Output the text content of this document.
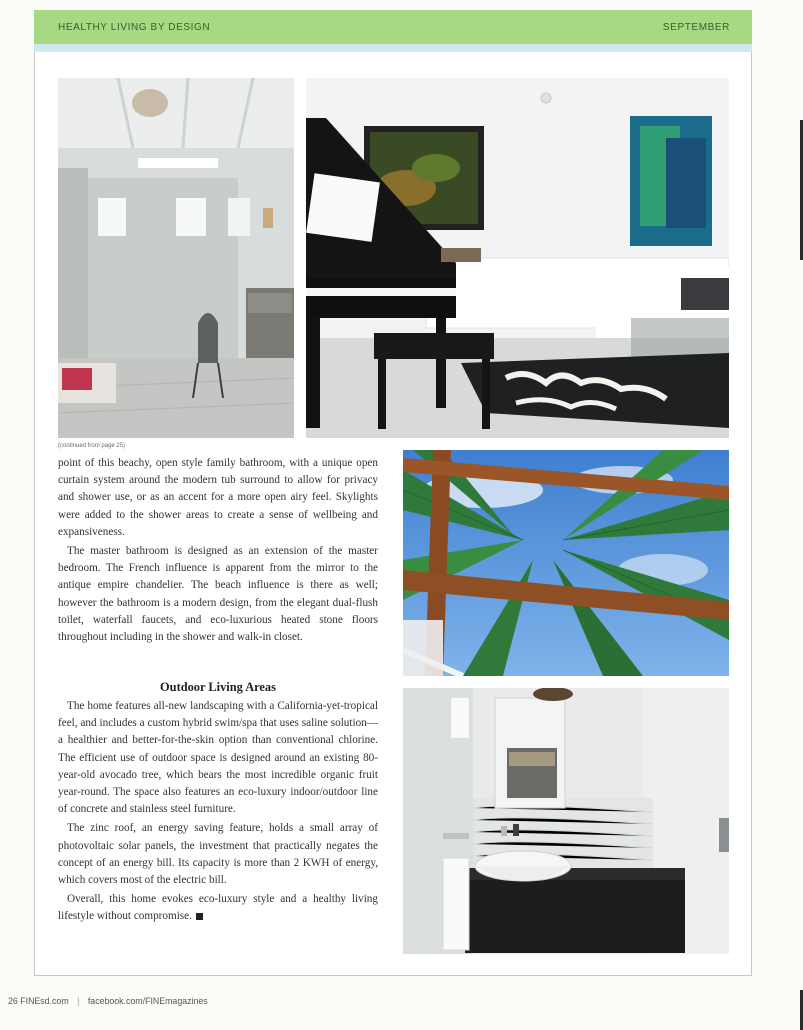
HEALTHY LIVING BY DESIGN	SEPTEMBER
(continued from page 25)

point of this beachy, open style family bathroom, with a unique open curtain system around the modern tub surround to allow for privacy and shower use, or as an accent for a more open airy feel. Skylights were added to the shower areas to create a sense of wellbeing and expansiveness.

The master bathroom is designed as an extension of the master bedroom. The French influence is apparent from the mirror to the antique empire chandelier. The beach influence is there as well; however the bathroom is a modern design, from the elegant dual-flush toilet, waterfall faucets, and eco-luxurious heated stone floors throughout including in the shower and walk-in closet.

Outdoor Living Areas

The home features all-new landscaping with a California-yet-tropical feel, and includes a custom hybrid swim/spa that uses saline solution—a healthier and better-for-the-skin option than conventional chlorine. The efficient use of outdoor space is designed around an existing 80-year-old avocado tree, which bears the most incredible organic fruit year-round. The space also features an eco-luxury indoor/outdoor line of concrete and stainless steel furniture.

The zinc roof, an energy saving feature, holds a small array of photovoltaic solar panels, the investment that practically negates the concept of an energy bill. Its capacity is more than 2 KWH of energy, which covers most of the electric bill.

Overall, this home evokes eco-luxury style and a healthy living lifestyle without compromise.

26 FINEsd.com | facebook.com/FINEmagazines
